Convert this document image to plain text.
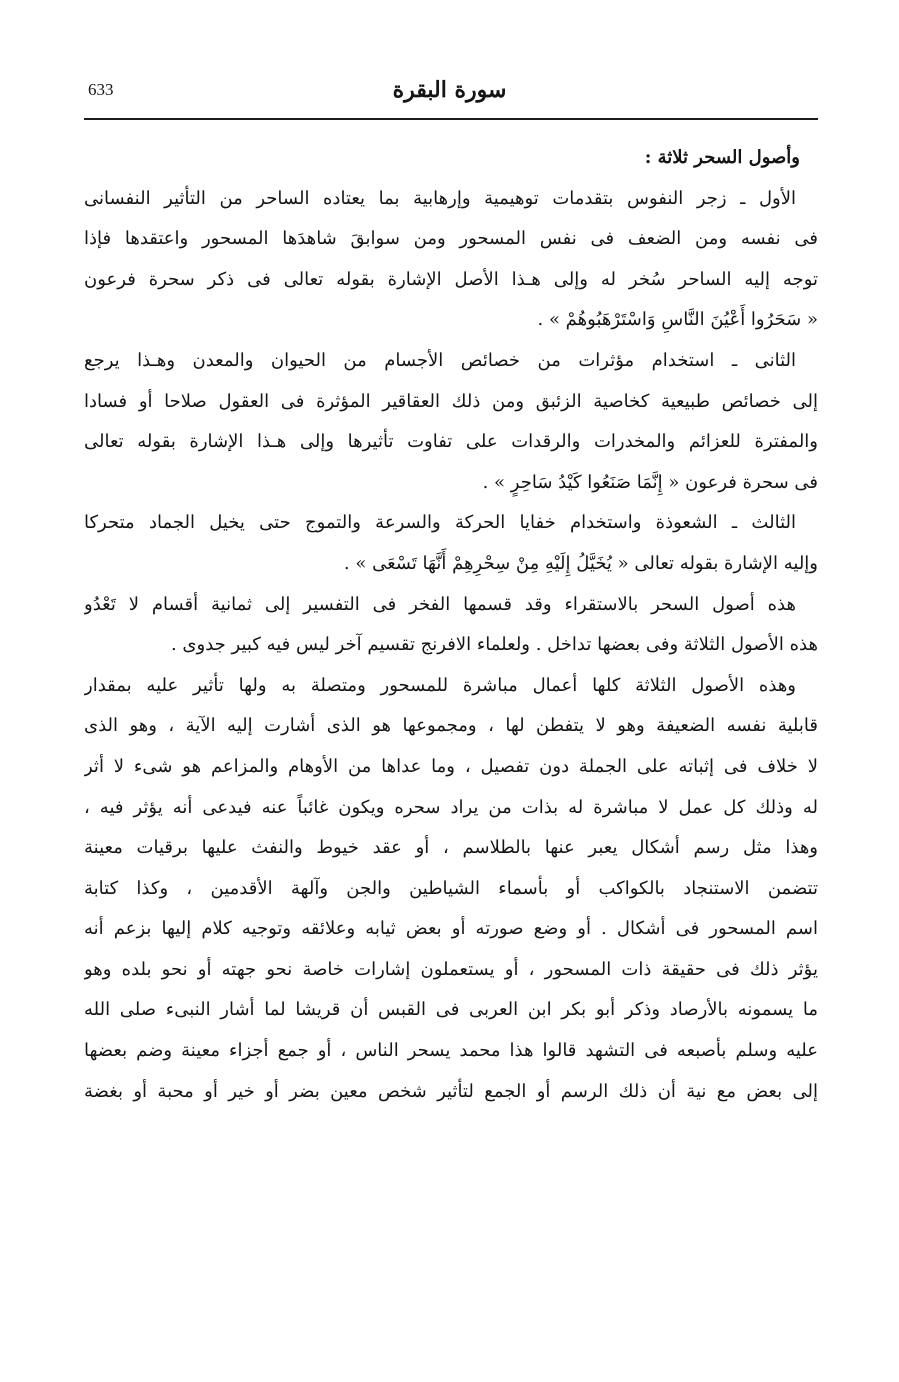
633	سورة البقرة
وأصول السحر ثلاثة :
الأول ـ زجر النفوس بتقدمات توهيمية وإرهابية بما يعتاده الساحر من التأثير النفسانى
فى نفسه ومن الضعف فى نفس المسحور ومن سوابقَ شاهدَها المسحور واعتقدها فإذا
توجه إليه الساحر سُخر له وإلى هـذا الأصل الإشارة بقوله تعالى فى ذكر سحرة فرعون
« سَحَرُوا أَعْيُنَ النَّاسِ وَاسْتَرْهَبُوهُمْ » .
الثانى ـ استخدام مؤثرات من خصائص الأجسام من الحيوان والمعدن وهـذا يرجع
إلى خصائص طبيعية كخاصية الزئبق ومن ذلك العقاقير المؤثرة فى العقول صلاحا أو فسادا
والمفترة للعزائم والمخدرات والرقدات على تفاوت تأثيرها وإلى هـذا الإشارة بقوله تعالى
فى سحرة فرعون « إِنَّمَا صَنَعُوا كَيْدُ سَاحِرٍ » .
الثالث ـ الشعوذة واستخدام خفايا الحركة والسرعة والتموج حتى يخيل الجماد متحركا
وإليه الإشارة بقوله تعالى « يُخَيَّلُ إِلَيْهِ مِنْ سِحْرِهِمْ أَنَّهَا تَسْعَى » .
هذه أصول السحر بالاستقراء وقد قسمها الفخر فى التفسير إلى ثمانية أقسام لا تَعْدُو
هذه الأصول الثلاثة وفى بعضها تداخل . ولعلماء الافرنج تقسيم آخر ليس فيه كبير جدوى .
وهذه الأصول الثلاثة كلها أعمال مباشرة للمسحور ومتصلة به ولها تأثير عليه بمقدار
قابلية نفسه الضعيفة وهو لا يتفطن لها ، ومجموعها هو الذى أشارت إليه الآية ، وهو الذى
لا خلاف فى إثباته على الجملة دون تفصيل ، وما عداها من الأوهام والمزاعم هو شىء لا أثر
له وذلك كل عمل لا مباشرة له بذات من يراد سحره ويكون غائباً عنه فيدعى أنه يؤثر فيه ،
وهذا مثل رسم أشكال يعبر عنها بالطلاسم ، أو عقد خيوط والنفث عليها برقيات معينة
تتضمن الاستنجاد بالكواكب أو بأسماء الشياطين والجن وآلهة الأقدمين ، وكذا كتابة
اسم المسحور فى أشكال . أو وضع صورته أو بعض ثيابه وعلائقه وتوجيه كلام إليها بزعم أنه
يؤثر ذلك فى حقيقة ذات المسحور ، أو يستعملون إشارات خاصة نحو جهته أو نحو بلده وهو
ما يسمونه بالأرصاد وذكر أبو بكر ابن العربى فى القبس أن قريشا لما أشار النبىء صلى الله
عليه وسلم بأصبعه فى التشهد قالوا هذا محمد يسحر الناس ، أو جمع أجزاء معينة وضم بعضها
إلى بعض مع نية أن ذلك الرسم أو الجمع لتأثير شخص معين بضر أو خير أو محبة أو بغضة
